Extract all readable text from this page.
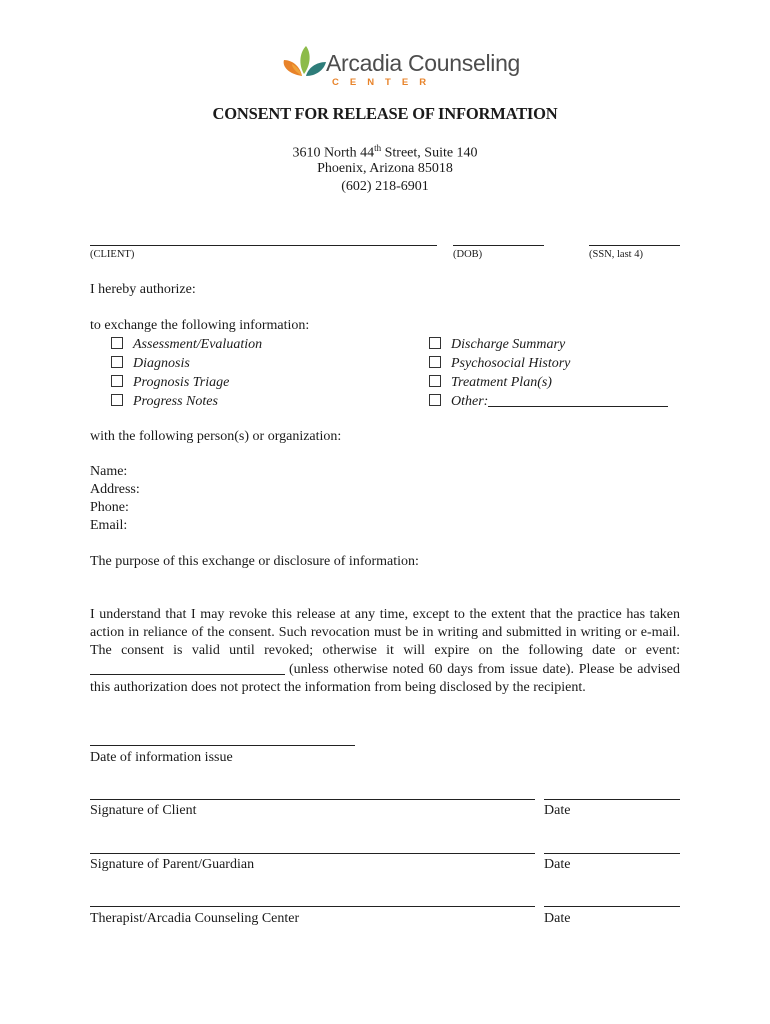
Arcadia Counseling
CENTER
CONSENT FOR RELEASE OF INFORMATION
3610 North 44th Street, Suite 140
Phoenix, Arizona 85018
(602) 218-6901
(CLIENT)	(DOB)	(SSN, last 4)
I hereby authorize:
to exchange the following information:
Assessment/Evaluation
Diagnosis
Prognosis Triage
Progress Notes
Discharge Summary
Psychosocial History
Treatment Plan(s)
Other:
with the following person(s) or organization:
Name:
Address:
Phone:
Email:
The purpose of this exchange or disclosure of information:
I understand that I may revoke this release at any time, except to the extent that the practice has taken action in reliance of the consent. Such revocation must be in writing and submitted in writing or e-mail. The consent is valid until revoked; otherwise it will expire on the following date or event: (unless otherwise noted 60 days from issue date). Please be advised this authorization does not protect the information from being disclosed by the recipient.
Date of information issue
Signature of Client	Date
Signature of Parent/Guardian	Date
Therapist/Arcadia Counseling Center	Date
